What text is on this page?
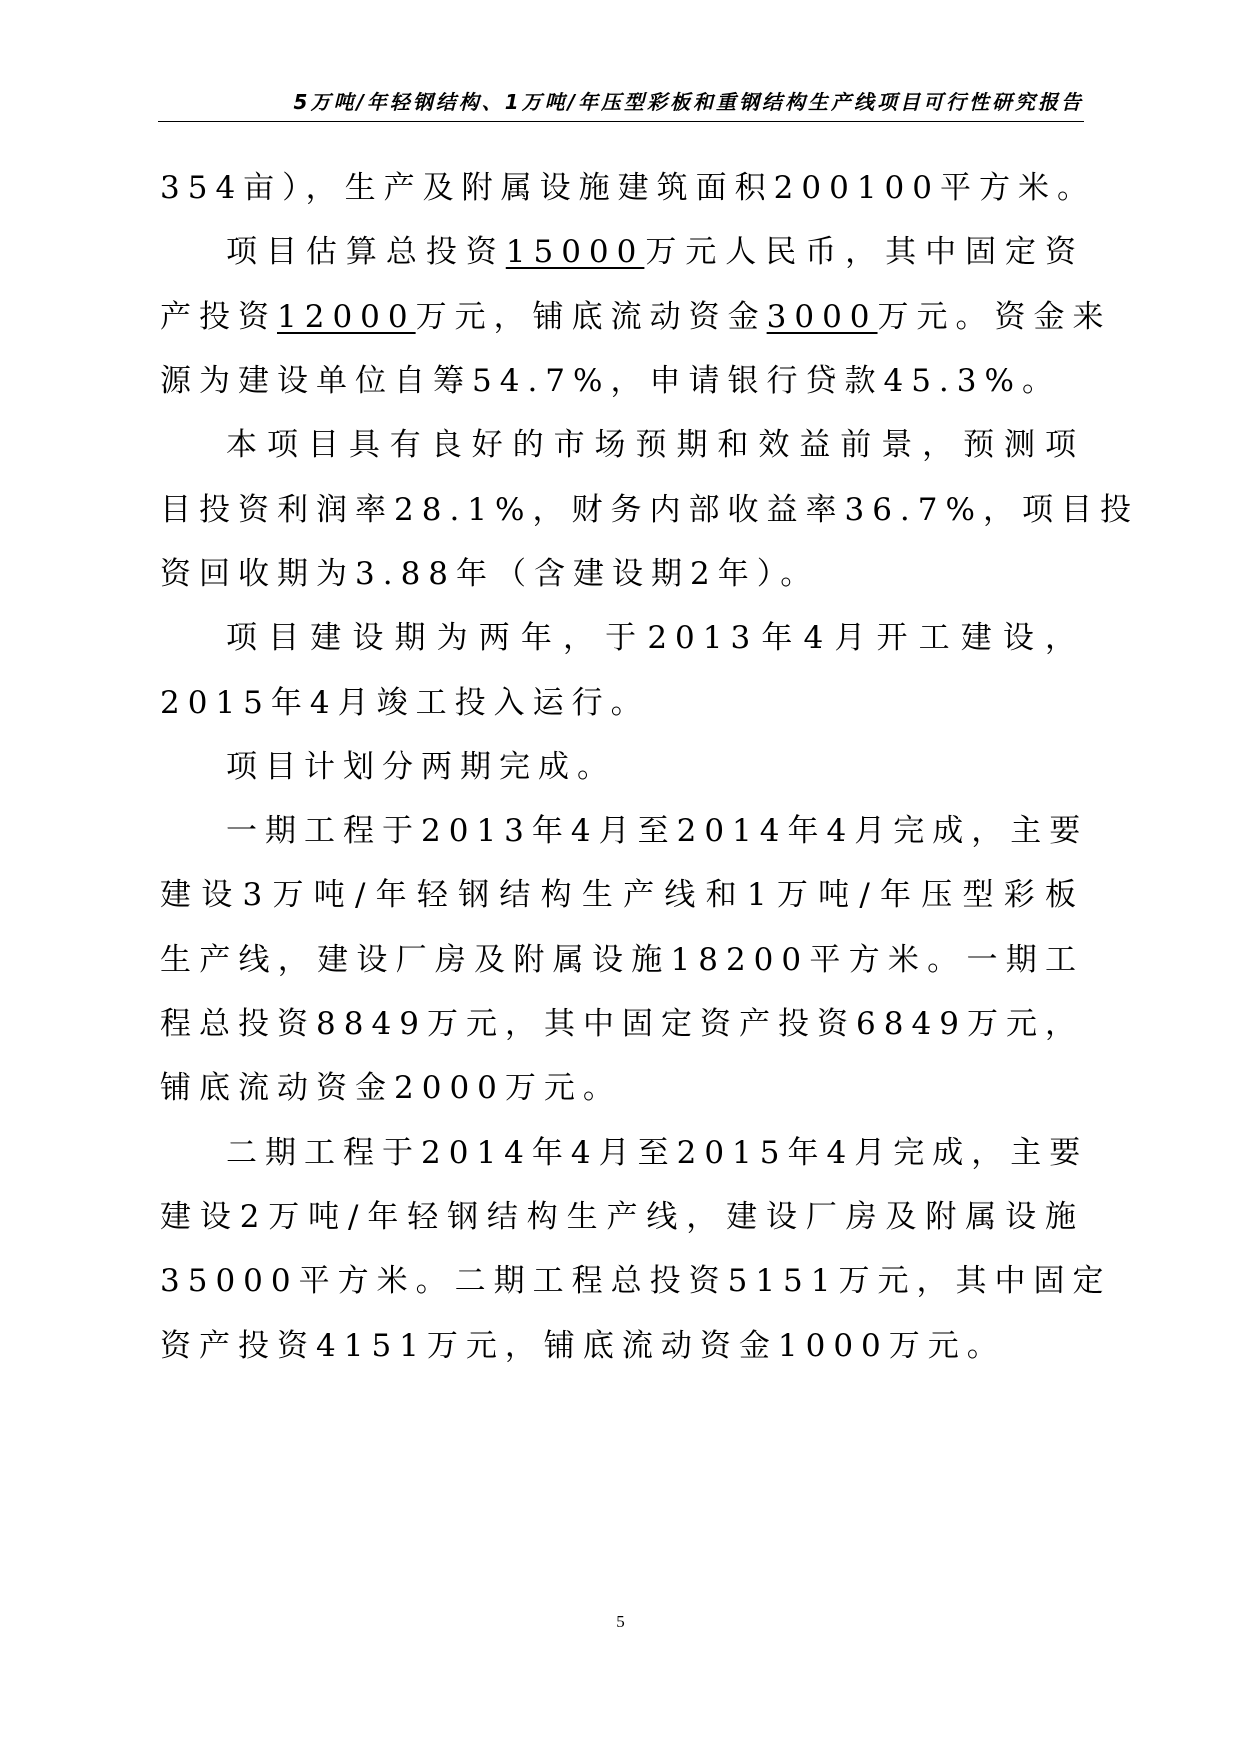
5万吨/年轻钢结构、1万吨/年压型彩板和重钢结构生产线项目可行性研究报告
354亩），生产及附属设施建筑面积200100平方米。
项目估算总投资15000万元人民币，其中固定资
产投资12000万元，铺底流动资金3000万元。资金来
源为建设单位自筹54.7%，申请银行贷款45.3%。
本项目具有良好的市场预期和效益前景，预测项
目投资利润率28.1%，财务内部收益率36.7%，项目投
资回收期为3.88年（含建设期2年）。
项目建设期为两年，于2013年4月开工建设，
2015年4月竣工投入运行。
项目计划分两期完成。
一期工程于2013年4月至2014年4月完成，主要
建设3万吨/年轻钢结构生产线和1万吨/年压型彩板
生产线，建设厂房及附属设施18200平方米。一期工
程总投资8849万元，其中固定资产投资6849万元，
铺底流动资金2000万元。
二期工程于2014年4月至2015年4月完成，主要
建设2万吨/年轻钢结构生产线，建设厂房及附属设施
35000平方米。二期工程总投资5151万元，其中固定
资产投资4151万元，铺底流动资金1000万元。
5
